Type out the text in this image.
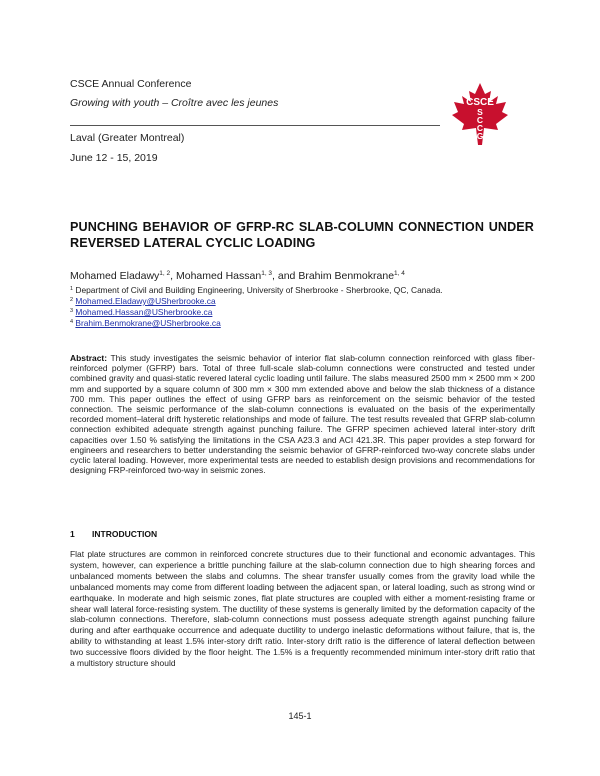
CSCE Annual Conference
Growing with youth – Croître avec les jeunes
Laval (Greater Montreal)
June 12 - 15, 2019
CSCE
S
C
C
G 1887
PUNCHING BEHAVIOR OF GFRP-RC SLAB-COLUMN CONNECTION UNDER REVERSED LATERAL CYCLIC LOADING
Mohamed Eladawy$^{1, 2}$, Mohamed Hassan$^{1, 3}$, and Brahim Benmokrane$^{1, 4}$
$^1$ Department of Civil and Building Engineering, University of Sherbrooke - Sherbrooke, QC, Canada.
$^2$ Mohamed.Eladawy@USherbrooke.ca
$^3$ Mohamed.Hassan@USherbrooke.ca
$^4$ Brahim.Benmokrane@USherbrooke.ca
Abstract: This study investigates the seismic behavior of interior flat slab-column connection reinforced with glass fiber-reinforced polymer (GFRP) bars. Total of three full-scale slab-column connections were constructed and tested under combined gravity and quasi-static revered lateral cyclic loading until failure. The slabs measured 2500 mm × 2500 mm × 200 mm and supported by a square column of 300 mm × 300 mm extended above and below the slab thickness of a distance 700 mm. This paper outlines the effect of using GFRP bars as reinforcement on the seismic behavior of the tested connection. The seismic performance of the slab-column connections is evaluated on the basis of the experimentally recorded moment–lateral drift hysteretic relationships and mode of failure. The test results revealed that GFRP slab-column connection exhibited adequate strength against punching failure. The GFRP specimen achieved lateral inter-story drift capacities over 1.50 % satisfying the limitations in the CSA A23.3 and ACI 421.3R. This paper provides a step forward for engineers and researchers to better understanding the seismic behavior of GFRP-reinforced two-way concrete slabs under cyclic lateral loading. However, more experimental tests are needed to establish design provisions and recommendations for designing FRP-reinforced two-way in seismic zones.
1 INTRODUCTION
Flat plate structures are common in reinforced concrete structures due to their functional and economic advantages. This system, however, can experience a brittle punching failure at the slab-column connection due to high shearing forces and unbalanced moments between the slabs and columns. The shear transfer usually comes from the gravity load while the unbalanced moments may come from different loading between the adjacent span, or lateral loading, such as strong wind or earthquake. In moderate and high seismic zones, flat plate structures are coupled with either a moment-resisting frame or shear wall lateral force-resisting system. The ductility of these systems is generally limited by the deformation capacity of the slab-column connections. Therefore, slab-column connections must possess adequate strength against punching failure during and after earthquake occurrence and adequate ductility to undergo inelastic deformations without failure, that is, the ability to withstanding at least 1.5% inter-story drift ratio. Inter-story drift ratio is the difference of lateral deflection between two successive floors divided by the floor height. The 1.5% is a frequently recommended minimum inter-story drift ratio that a multistory structure should
145-1
